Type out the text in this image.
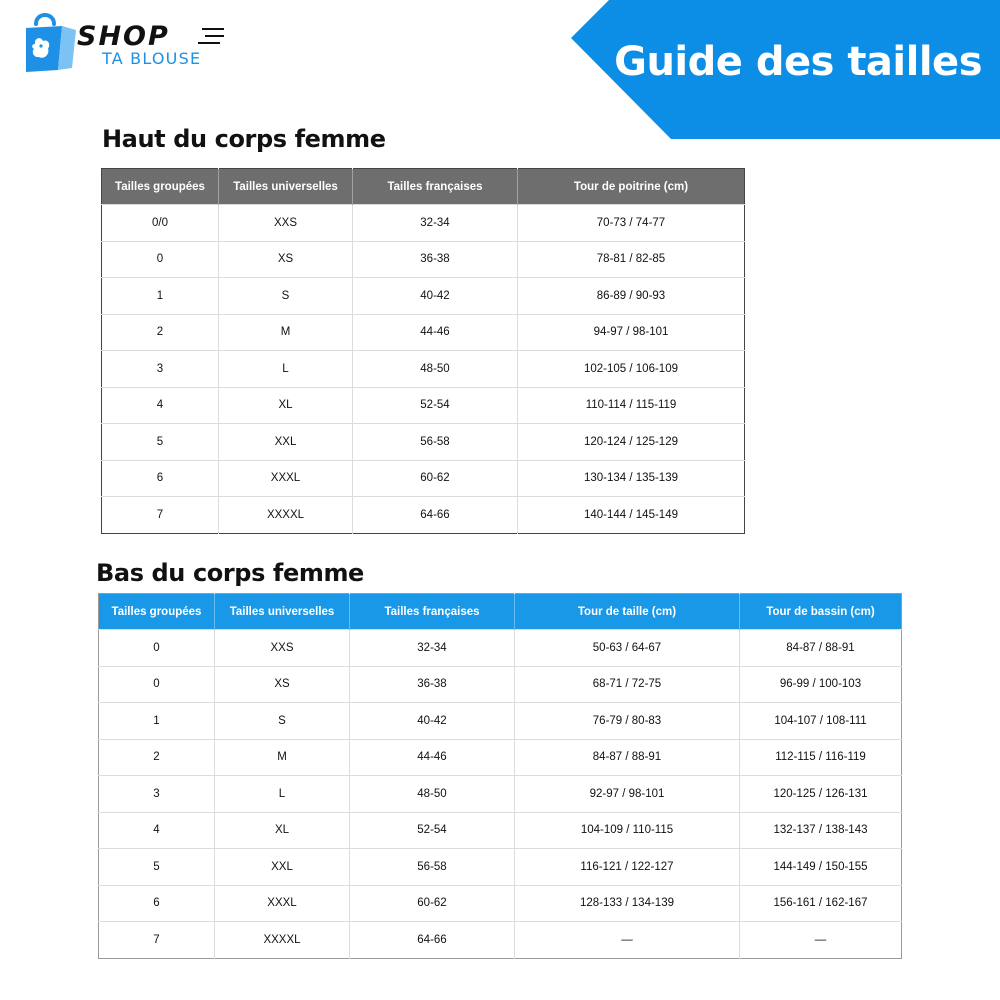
SHOP
TA BLOUSE	Guide des tailles
Haut du corps femme
Tailles groupées	Tailles universelles	Tailles françaises	Tour de poitrine (cm)
0/0	XXS	32-34	70-73 / 74-77
0	XS	36-38	78-81 / 82-85
1	S	40-42	86-89 / 90-93
2	M	44-46	94-97 / 98-101
3	L	48-50	102-105 / 106-109
4	XL	52-54	110-114 / 115-119
5	XXL	56-58	120-124 / 125-129
6	XXXL	60-62	130-134 / 135-139
7	XXXXL	64-66	140-144 / 145-149
Bas du corps femme
Tailles groupées	Tailles universelles	Tailles françaises	Tour de taille (cm)	Tour de bassin (cm)
0	XXS	32-34	50-63 / 64-67	84-87 / 88-91
0	XS	36-38	68-71 / 72-75	96-99 / 100-103
1	S	40-42	76-79 / 80-83	104-107 / 108-111
2	M	44-46	84-87 / 88-91	112-115 / 116-119
3	L	48-50	92-97 / 98-101	120-125 / 126-131
4	XL	52-54	104-109 / 110-115	132-137 / 138-143
5	XXL	56-58	116-121 / 122-127	144-149 / 150-155
6	XXXL	60-62	128-133 / 134-139	156-161 / 162-167
7	XXXXL	64-66	—	—
